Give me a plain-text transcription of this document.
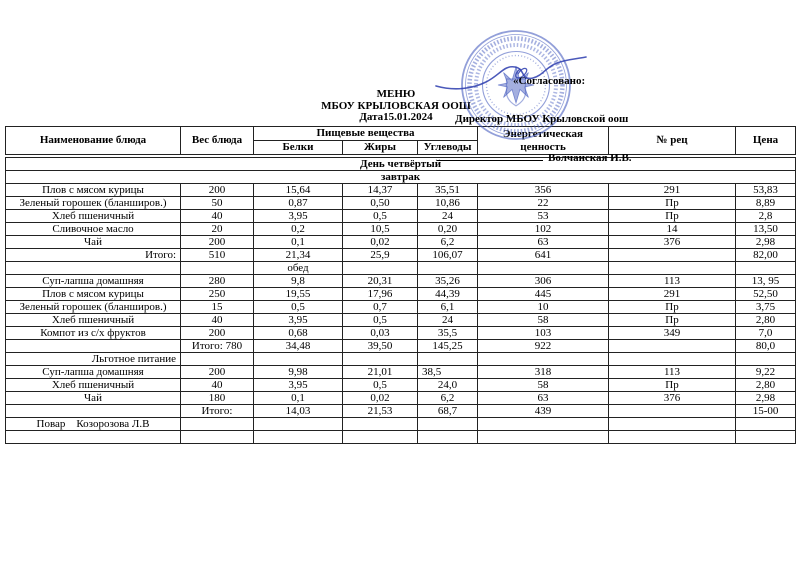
«Согласовано:

Директор МБОУ Крыловской оош

Волчанская И.В.

МЕНЮ
МБОУ КРЫЛОВСКАЯ ООШ
Дата15.01.2024
Наименование блюда	Вес блюда	Пищевые вещества			Энергетическая ценность	№ рец	Цена
		Белки	Жиры	Углеводы			
День четвёртый							
завтрак							
Плов с мясом курицы	200	15,64	14,37	35,51	356	291	53,83
Зеленый горошек (бланширов.)	50	0,87	0,50	10,86	22	Пр	8,89
Хлеб пшеничный	40	3,95	0,5	24	53	Пр	2,8
Сливочное масло	20	0,2	10,5	0,20	102	14	13,50
Чай	200	0,1	0,02	6,2	63	376	2,98
Итого:	510	21,34	25,9	106,07	641		82,00
		обед					
Суп-лапша домашняя	280	9,8	20,31	35,26	306	113	13, 95
Плов с мясом курицы	250	19,55	17,96	44,39	445	291	52,50
Зеленый горошек (бланширов.)	15	0,5	0,7	6,1	10	Пр	3,75
Хлеб пшеничный	40	3,95	0,5	24	58	Пр	2,80
Компот из с/х фруктов	200	0,68	0,03	35,5	103	349	7,0
	Итого: 780	34,48	39,50	145,25	922		80,0
Льготное питание							
Суп-лапша домашняя	200	9,98	21,01	38,5	318	113	9,22
Хлеб пшеничный	40	3,95	0,5	24,0	58	Пр	2,80
Чай	180	0,1	0,02	6,2	63	376	2,98
	Итого:	14,03	21,53	68,7	439		15-00
Повар    Козорозова Л.В							
